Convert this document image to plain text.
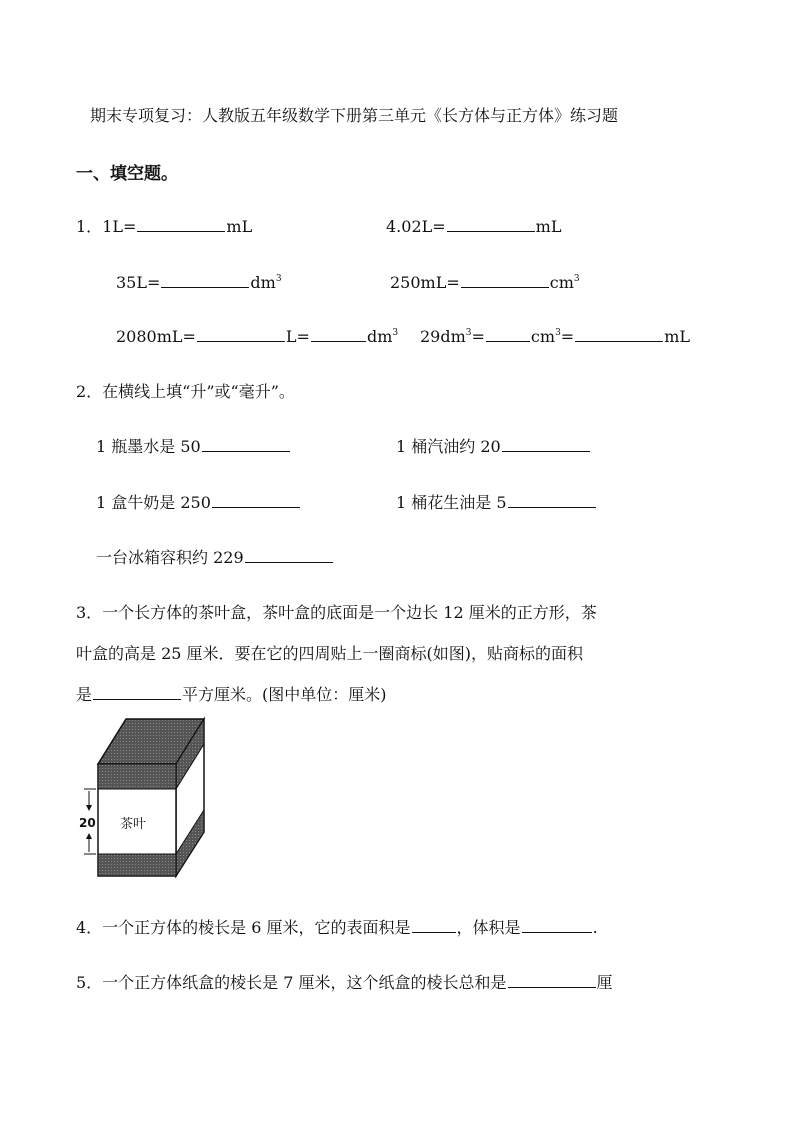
期末专项复习：人教版五年级数学下册第三单元《长方体与正方体》练习题
一、填空题。
1．1L=	mL	4.02L=	mL
35L=	$dm^3$	250mL=	$cm^3$
2080mL=	L=	$dm^3$ $29dm^3=$	$cm^3=$	mL
2．在横线上填“升”或“毫升”。
1 瓶墨水是 50	1 桶汽油约 20
1 盒牛奶是 250	1 桶花生油是 5
一台冰箱容积约 229
3．一个长方体的茶叶盒，茶叶盒的底面是一个边长 12 厘米的正方形，茶
叶盒的高是 25 厘米．要在它的四周贴上一圈商标(如图)，贴商标的面积
是	平方厘米。(图中单位：厘米)
20 茶叶
4．一个正方体的棱长是 6 厘米，它的表面积是	，体积是	.
5．一个正方体纸盒的棱长是 7 厘米，这个纸盒的棱长总和是	厘
